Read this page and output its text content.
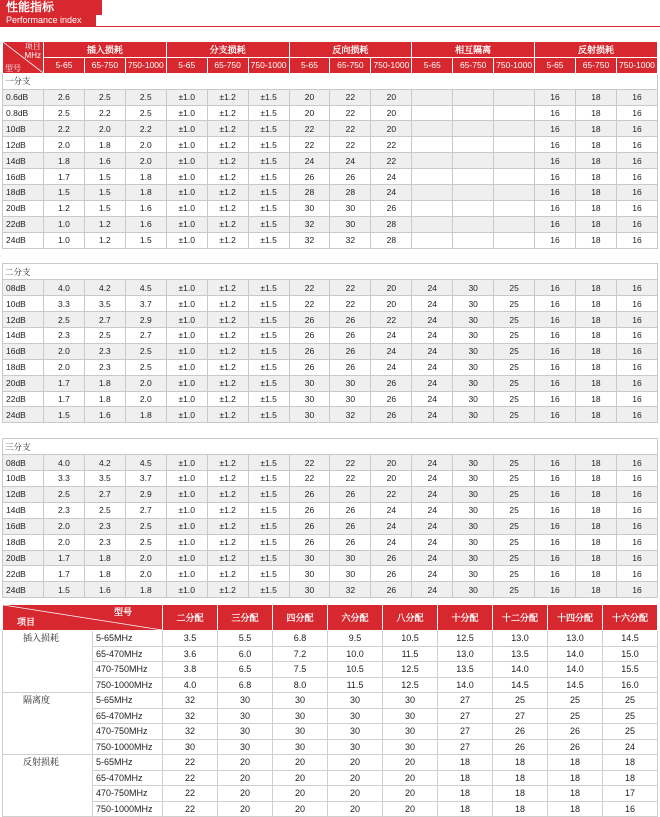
性能指标
Performance index
项目
MHz
型号	插入损耗			分支损耗			反向损耗			相互隔离			反射损耗		
	5-65	65-750	750-1000	5-65	65-750	750-1000	5-65	65-750	750-1000	5-65	65-750	750-1000	5-65	65-750	750-1000
一分支															
0.6dB	2.6	2.5	2.5	±1.0	±1.2	±1.5	20	22	20				16	18	16
0.8dB	2.5	2.2	2.5	±1.0	±1.2	±1.5	20	22	20				16	18	16
10dB	2.2	2.0	2.2	±1.0	±1.2	±1.5	22	22	20				16	18	16
12dB	2.0	1.8	2.0	±1.0	±1.2	±1.5	22	22	22				16	18	16
14dB	1.8	1.6	2.0	±1.0	±1.2	±1.5	24	24	22				16	18	16
16dB	1.7	1.5	1.8	±1.0	±1.2	±1.5	26	26	24				16	18	16
18dB	1.5	1.5	1.8	±1.0	±1.2	±1.5	28	28	24				16	18	16
20dB	1.2	1.5	1.6	±1.0	±1.2	±1.5	30	30	26				16	18	16
22dB	1.0	1.2	1.6	±1.0	±1.2	±1.5	32	30	28				16	18	16
24dB	1.0	1.2	1.5	±1.0	±1.2	±1.5	32	32	28				16	18	16

二分支															
08dB	4.0	4.2	4.5	±1.0	±1.2	±1.5	22	22	20	24	30	25	16	18	16
10dB	3.3	3.5	3.7	±1.0	±1.2	±1.5	22	22	20	24	30	25	16	18	16
12dB	2.5	2.7	2.9	±1.0	±1.2	±1.5	26	26	22	24	30	25	16	18	16
14dB	2.3	2.5	2.7	±1.0	±1.2	±1.5	26	26	24	24	30	25	16	18	16
16dB	2.0	2.3	2.5	±1.0	±1.2	±1.5	26	26	24	24	30	25	16	18	16
18dB	2.0	2.3	2.5	±1.0	±1.2	±1.5	26	26	24	24	30	25	16	18	16
20dB	1.7	1.8	2.0	±1.0	±1.2	±1.5	30	30	26	24	30	25	16	18	16
22dB	1.7	1.8	2.0	±1.0	±1.2	±1.5	30	30	26	24	30	25	16	18	16
24dB	1.5	1.6	1.8	±1.0	±1.2	±1.5	30	32	26	24	30	25	16	18	16

三分支															
08dB	4.0	4.2	4.5	±1.0	±1.2	±1.5	22	22	20	24	30	25	16	18	16
10dB	3.3	3.5	3.7	±1.0	±1.2	±1.5	22	22	20	24	30	25	16	18	16
12dB	2.5	2.7	2.9	±1.0	±1.2	±1.5	26	26	22	24	30	25	16	18	16
14dB	2.3	2.5	2.7	±1.0	±1.2	±1.5	26	26	24	24	30	25	16	18	16
16dB	2.0	2.3	2.5	±1.0	±1.2	±1.5	26	26	24	24	30	25	16	18	16
18dB	2.0	2.3	2.5	±1.0	±1.2	±1.5	26	26	24	24	30	25	16	18	16
20dB	1.7	1.8	2.0	±1.0	±1.2	±1.5	30	30	26	24	30	25	16	18	16
22dB	1.7	1.8	2.0	±1.0	±1.2	±1.5	30	30	26	24	30	25	16	18	16
24dB	1.5	1.6	1.8	±1.0	±1.2	±1.5	30	32	26	24	30	25	16	18	16
型号
项目		二分配	三分配	四分配	六分配	八分配	十分配	十二分配	十四分配	十六分配
插入损耗	5-65MHz	3.5	5.5	6.8	9.5	10.5	12.5	13.0	13.0	14.5
	65-470MHz	3.6	6.0	7.2	10.0	11.5	13.0	13.5	14.0	15.0
	470-750MHz	3.8	6.5	7.5	10.5	12.5	13.5	14.0	14.0	15.5
	750-1000MHz	4.0	6.8	8.0	11.5	12.5	14.0	14.5	14.5	16.0
隔离度	5-65MHz	32	30	30	30	30	27	25	25	25
	65-470MHz	32	30	30	30	30	27	27	25	25
	470-750MHz	32	30	30	30	30	27	26	26	25
	750-1000MHz	30	30	30	30	30	27	26	26	24
反射损耗	5-65MHz	22	20	20	20	20	18	18	18	18
	65-470MHz	22	20	20	20	20	18	18	18	18
	470-750MHz	22	20	20	20	20	18	18	18	17
	750-1000MHz	22	20	20	20	20	18	18	18	16
